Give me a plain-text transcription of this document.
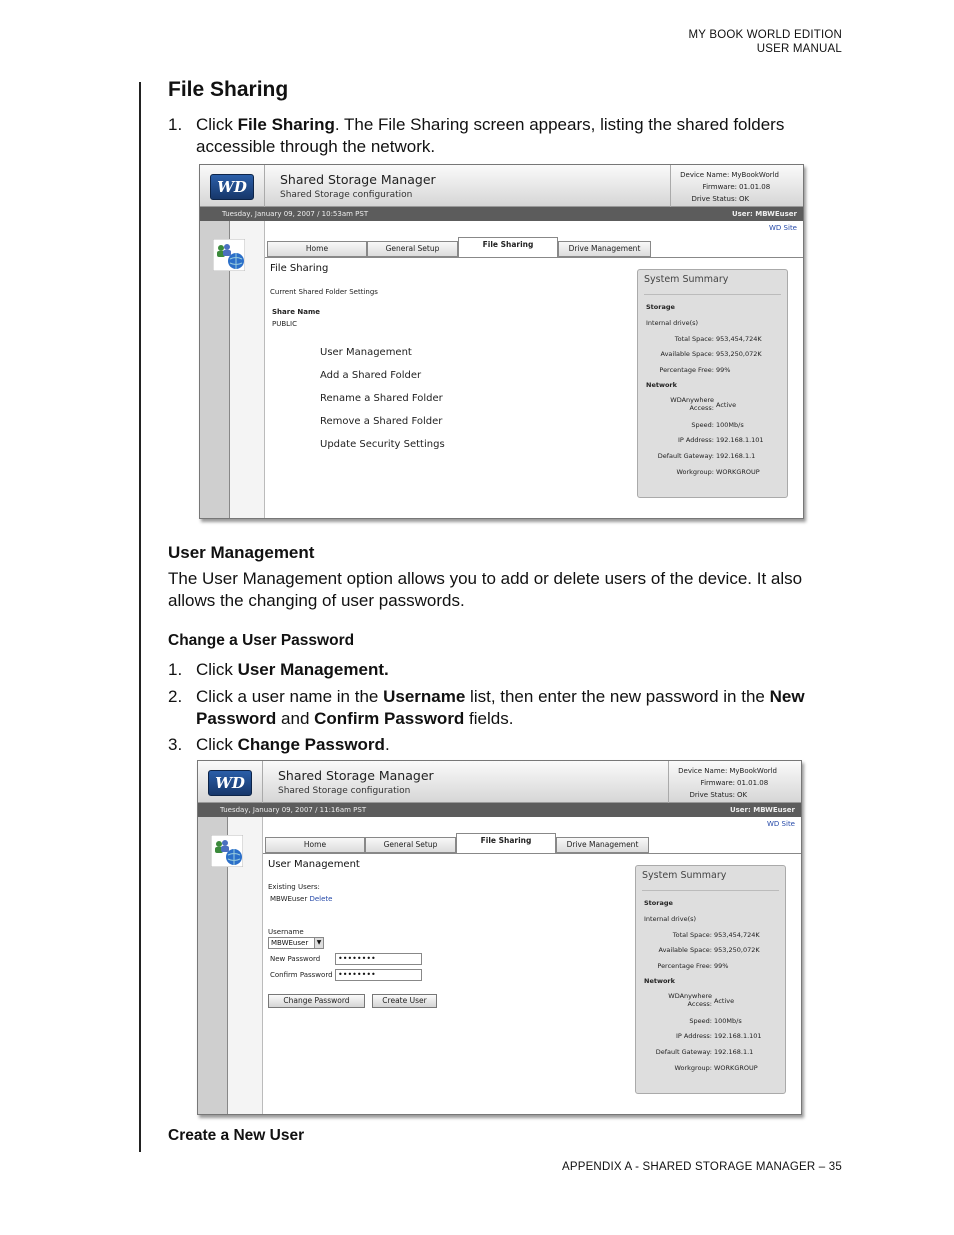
MY BOOK WORLD EDITION
USER MANUAL
File Sharing
1. Click File Sharing. The File Sharing screen appears, listing the shared folders accessible through the network.
WD	Shared Storage Manager
Shared Storage configuration
Device Name: MyBookWorld
Firmware: 01.01.08
Drive Status: OK
Tuesday, January 09, 2007 / 10:53am PST	User: MBWEuser
WD Site
Home	General Setup	File Sharing	Drive Management
File Sharing
Current Shared Folder Settings
Share Name
PUBLIC
User Management
Add a Shared Folder
Rename a Shared Folder
Remove a Shared Folder
Update Security Settings
System Summary
Storage
Internal drive(s)
Total Space: 953,454,724K
Available Space: 953,250,072K
Percentage Free: 99%
Network
WDAnywhere
Access: Active
Speed: 100Mb/s
IP Address: 192.168.1.101
Default Gateway: 192.168.1.1
Workgroup: WORKGROUP
User Management
The User Management option allows you to add or delete users of the device. It also allows the changing of user passwords.
Change a User Password
1. Click User Management.
2. Click a user name in the Username list, then enter the new password in the New Password and Confirm Password fields.
3. Click Change Password.
WD	Shared Storage Manager
Shared Storage configuration
Device Name: MyBookWorld
Firmware: 01.01.08
Drive Status: OK
Tuesday, January 09, 2007 / 11:16am PST	User: MBWEuser
WD Site
Home	General Setup	File Sharing	Drive Management
User Management
Existing Users:
MBWEuser Delete
Username
MBWEuser	▼
New Password	••••••••
Confirm Password ••••••••
Change Password	Create User
System Summary
Storage
Internal drive(s)
Total Space: 953,454,724K
Available Space: 953,250,072K
Percentage Free: 99%
Network
WDAnywhere
Access: Active
Speed: 100Mb/s
IP Address: 192.168.1.101
Default Gateway: 192.168.1.1
Workgroup: WORKGROUP
Create a New User
APPENDIX A - SHARED STORAGE MANAGER – 35
